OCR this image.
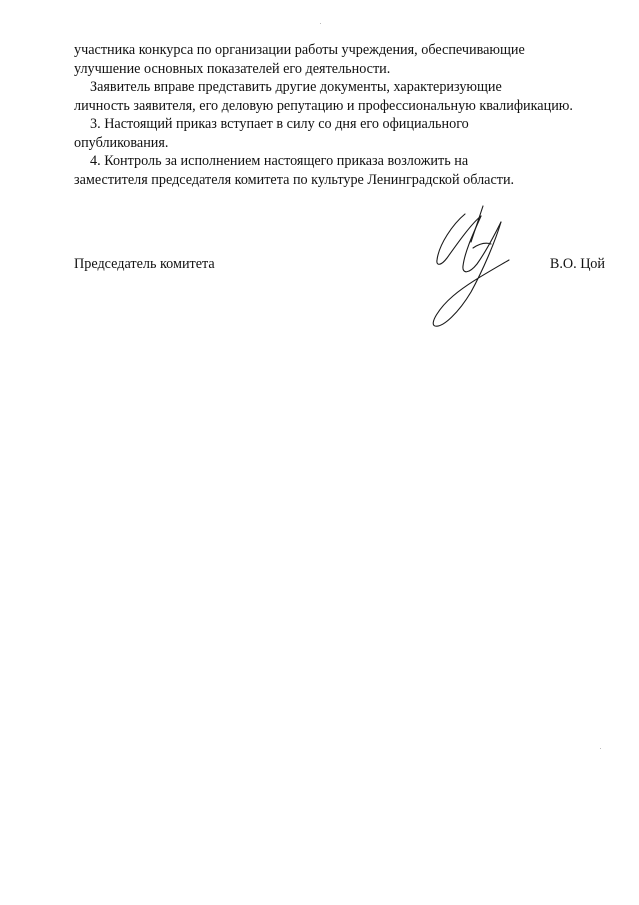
участника конкурса по организации работы учреждения, обеспечивающие
улучшение основных показателей его деятельности.

Заявитель вправе представить другие документы, характеризующие
личность заявителя, его деловую репутацию и профессиональную квалификацию.

3. Настоящий приказ вступает в силу со дня его официального
опубликования.

4. Контроль за исполнением настоящего приказа возложить на
заместителя председателя комитета по культуре Ленинградской области.

Председатель комитета	В.О. Цой
